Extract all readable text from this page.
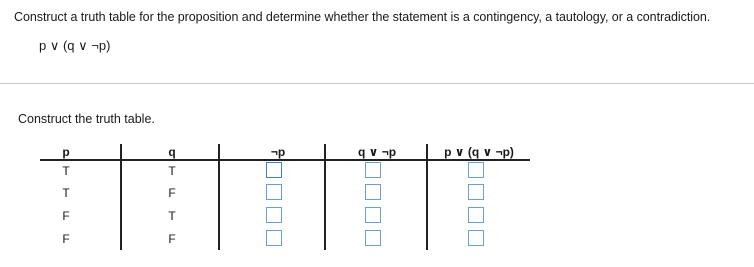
Construct a truth table for the proposition and determine whether the statement is a contingency, a tautology, or a contradiction.
p ∨ (q ∨ ¬p)
Construct the truth table.
p	q	¬p	q ∨ ¬p	p ∨ (q ∨ ¬p)
T	T
T	F
F	T
F	F
